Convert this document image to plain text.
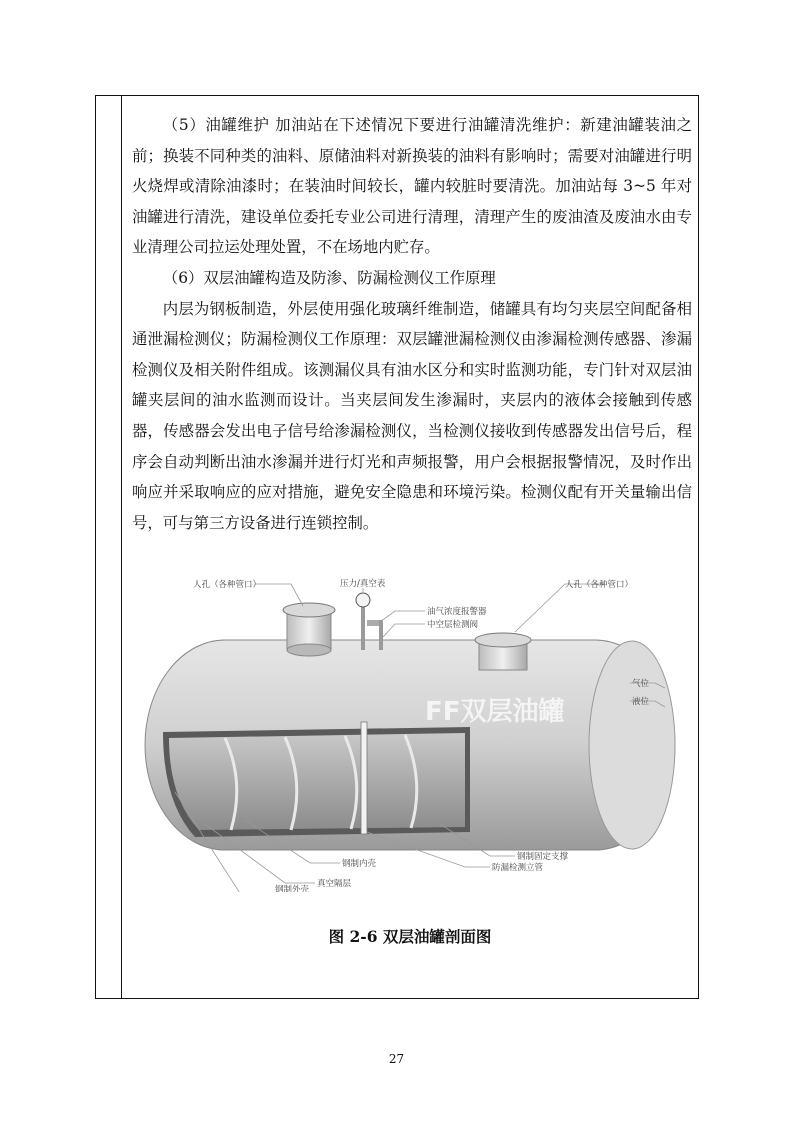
（5）油罐维护 加油站在下述情况下要进行油罐清洗维护：新建油罐装油之前；换装不同种类的油料、原储油料对新换装的油料有影响时；需要对油罐进行明火烧焊或清除油漆时；在装油时间较长，罐内较脏时要清洗。加油站每 3~5 年对油罐进行清洗，建设单位委托专业公司进行清理，清理产生的废油渣及废油水由专业清理公司拉运处理处置，不在场地内贮存。

（6）双层油罐构造及防渗、防漏检测仪工作原理

内层为钢板制造，外层使用强化玻璃纤维制造，储罐具有均匀夹层空间配备相通泄漏检测仪；防漏检测仪工作原理：双层罐泄漏检测仪由渗漏检测传感器、渗漏检测仪及相关附件组成。该测漏仪具有油水区分和实时监测功能，专门针对双层油罐夹层间的油水监测而设计。当夹层间发生渗漏时，夹层内的液体会接触到传感器，传感器会发出电子信号给渗漏检测仪，当检测仪接收到传感器发出信号后，程序会自动判断出油水渗漏并进行灯光和声频报警，用户会根据报警情况，及时作出响应并采取响应的应对措施，避免安全隐患和环境污染。检测仪配有开关量输出信号，可与第三方设备进行连锁控制。

FF双层油罐
人孔（各种管口）	压力/真空表	人孔（各种管口）
油气浓度报警器
中空层检测阀
气位
液位
钢制固定支撑
钢制内壳	防漏检测立管
真空隔层
钢制外壳
图 2-6 双层油罐剖面图
27
